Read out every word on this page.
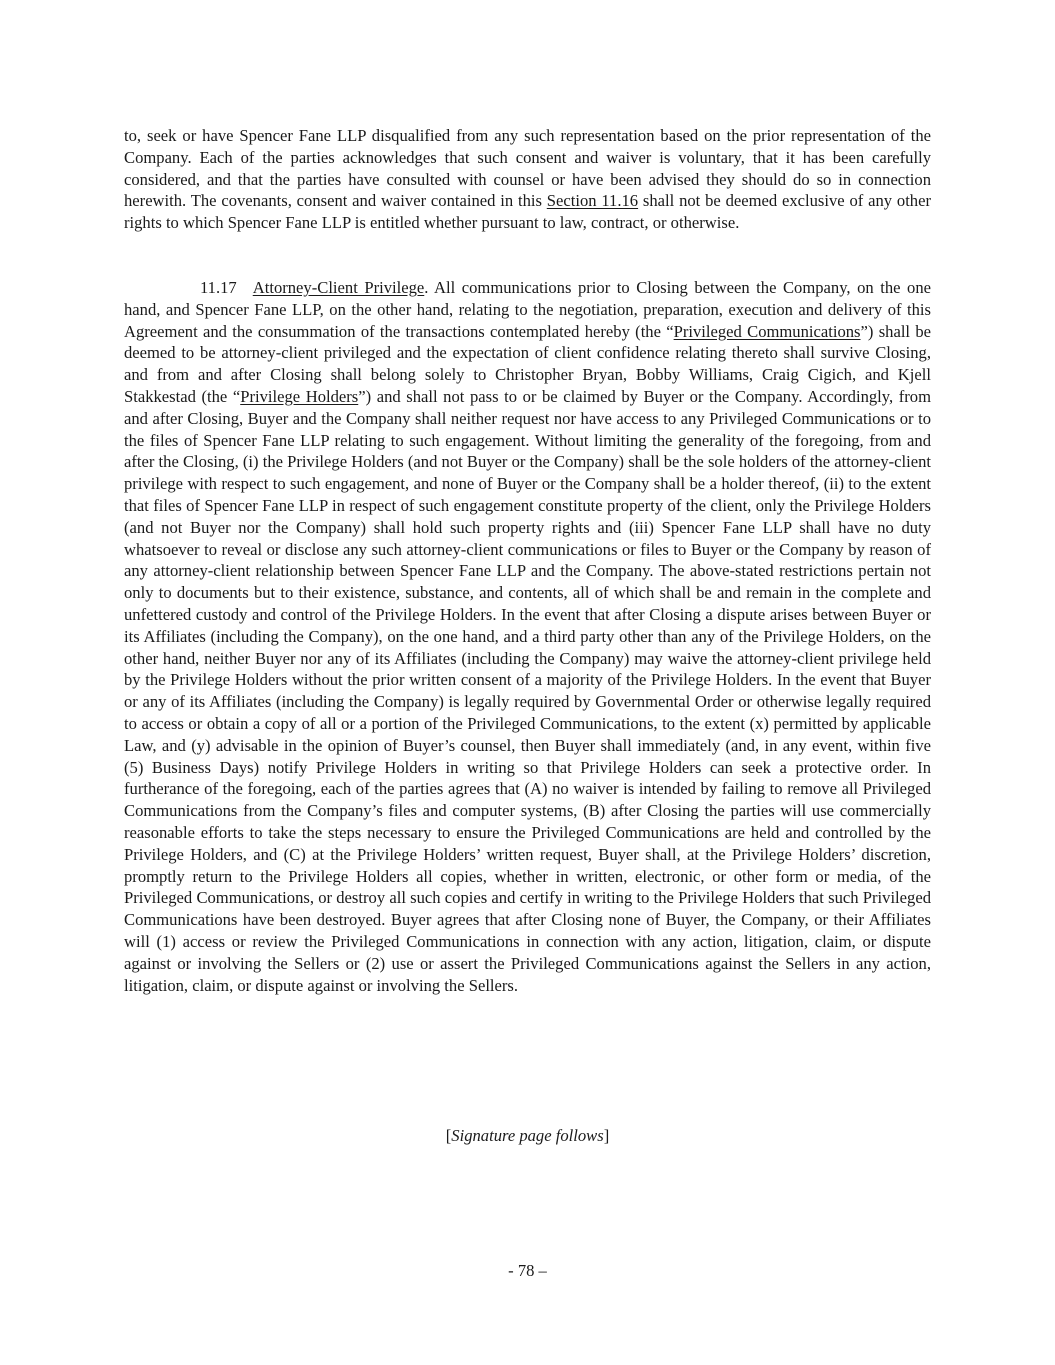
to, seek or have Spencer Fane LLP disqualified from any such representation based on the prior representation of the Company. Each of the parties acknowledges that such consent and waiver is voluntary, that it has been carefully considered, and that the parties have consulted with counsel or have been advised they should do so in connection herewith. The covenants, consent and waiver contained in this Section 11.16 shall not be deemed exclusive of any other rights to which Spencer Fane LLP is entitled whether pursuant to law, contract, or otherwise.

11.17 Attorney-Client Privilege. All communications prior to Closing between the Company, on the one hand, and Spencer Fane LLP, on the other hand, relating to the negotiation, preparation, execution and delivery of this Agreement and the consummation of the transactions contemplated hereby (the “Privileged Communications”) shall be deemed to be attorney-client privileged and the expectation of client confidence relating thereto shall survive Closing, and from and after Closing shall belong solely to Christopher Bryan, Bobby Williams, Craig Cigich, and Kjell Stakkestad (the “Privilege Holders”) and shall not pass to or be claimed by Buyer or the Company. Accordingly, from and after Closing, Buyer and the Company shall neither request nor have access to any Privileged Communications or to the files of Spencer Fane LLP relating to such engagement. Without limiting the generality of the foregoing, from and after the Closing, (i) the Privilege Holders (and not Buyer or the Company) shall be the sole holders of the attorney-client privilege with respect to such engagement, and none of Buyer or the Company shall be a holder thereof, (ii) to the extent that files of Spencer Fane LLP in respect of such engagement constitute property of the client, only the Privilege Holders (and not Buyer nor the Company) shall hold such property rights and (iii) Spencer Fane LLP shall have no duty whatsoever to reveal or disclose any such attorney-client communications or files to Buyer or the Company by reason of any attorney-client relationship between Spencer Fane LLP and the Company. The above-stated restrictions pertain not only to documents but to their existence, substance, and contents, all of which shall be and remain in the complete and unfettered custody and control of the Privilege Holders. In the event that after Closing a dispute arises between Buyer or its Affiliates (including the Company), on the one hand, and a third party other than any of the Privilege Holders, on the other hand, neither Buyer nor any of its Affiliates (including the Company) may waive the attorney-client privilege held by the Privilege Holders without the prior written consent of a majority of the Privilege Holders. In the event that Buyer or any of its Affiliates (including the Company) is legally required by Governmental Order or otherwise legally required to access or obtain a copy of all or a portion of the Privileged Communications, to the extent (x) permitted by applicable Law, and (y) advisable in the opinion of Buyer’s counsel, then Buyer shall immediately (and, in any event, within five (5) Business Days) notify Privilege Holders in writing so that Privilege Holders can seek a protective order. In furtherance of the foregoing, each of the parties agrees that (A) no waiver is intended by failing to remove all Privileged Communications from the Company’s files and computer systems, (B) after Closing the parties will use commercially reasonable efforts to take the steps necessary to ensure the Privileged Communications are held and controlled by the Privilege Holders, and (C) at the Privilege Holders’ written request, Buyer shall, at the Privilege Holders’ discretion, promptly return to the Privilege Holders all copies, whether in written, electronic, or other form or media, of the Privileged Communications, or destroy all such copies and certify in writing to the Privilege Holders that such Privileged Communications have been destroyed. Buyer agrees that after Closing none of Buyer, the Company, or their Affiliates will (1) access or review the Privileged Communications in connection with any action, litigation, claim, or dispute against or involving the Sellers or (2) use or assert the Privileged Communications against the Sellers in any action, litigation, claim, or dispute against or involving the Sellers.

[Signature page follows]
- 78 –
